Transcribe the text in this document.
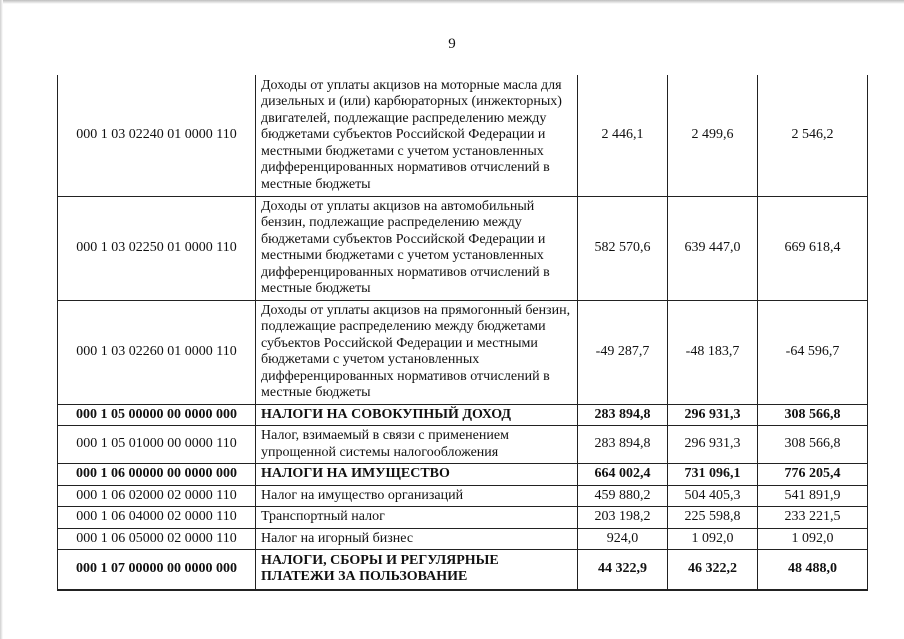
9
000 1 03 02240 01 0000 110	Доходы от уплаты акцизов на моторные масла для дизельных и (или) карбюраторных (инжекторных) двигателей, подлежащие распределению между бюджетами субъектов Российской Федерации и местными бюджетами с учетом установленных дифференцированных нормативов отчислений в местные бюджеты	2 446,1	2 499,6	2 546,2
000 1 03 02250 01 0000 110	Доходы от уплаты акцизов на автомобильный бензин, подлежащие распределению между бюджетами субъектов Российской Федерации и местными бюджетами с учетом установленных дифференцированных нормативов отчислений в местные бюджеты	582 570,6	639 447,0	669 618,4
000 1 03 02260 01 0000 110	Доходы от уплаты акцизов на прямогонный бензин, подлежащие распределению между бюджетами субъектов Российской Федерации и местными бюджетами с учетом установленных дифференцированных нормативов отчислений в местные бюджеты	-49 287,7	-48 183,7	-64 596,7
000 1 05 00000 00 0000 000	НАЛОГИ НА СОВОКУПНЫЙ ДОХОД	283 894,8	296 931,3	308 566,8
000 1 05 01000 00 0000 110	Налог, взимаемый в связи с применением упрощенной системы налогообложения	283 894,8	296 931,3	308 566,8
000 1 06 00000 00 0000 000	НАЛОГИ НА ИМУЩЕСТВО	664 002,4	731 096,1	776 205,4
000 1 06 02000 02 0000 110	Налог на имущество организаций	459 880,2	504 405,3	541 891,9
000 1 06 04000 02 0000 110	Транспортный налог	203 198,2	225 598,8	233 221,5
000 1 06 05000 02 0000 110	Налог на игорный бизнес	924,0	1 092,0	1 092,0
000 1 07 00000 00 0000 000	НАЛОГИ, СБОРЫ И РЕГУЛЯРНЫЕ ПЛАТЕЖИ ЗА ПОЛЬЗОВАНИЕ	44 322,9	46 322,2	48 488,0
